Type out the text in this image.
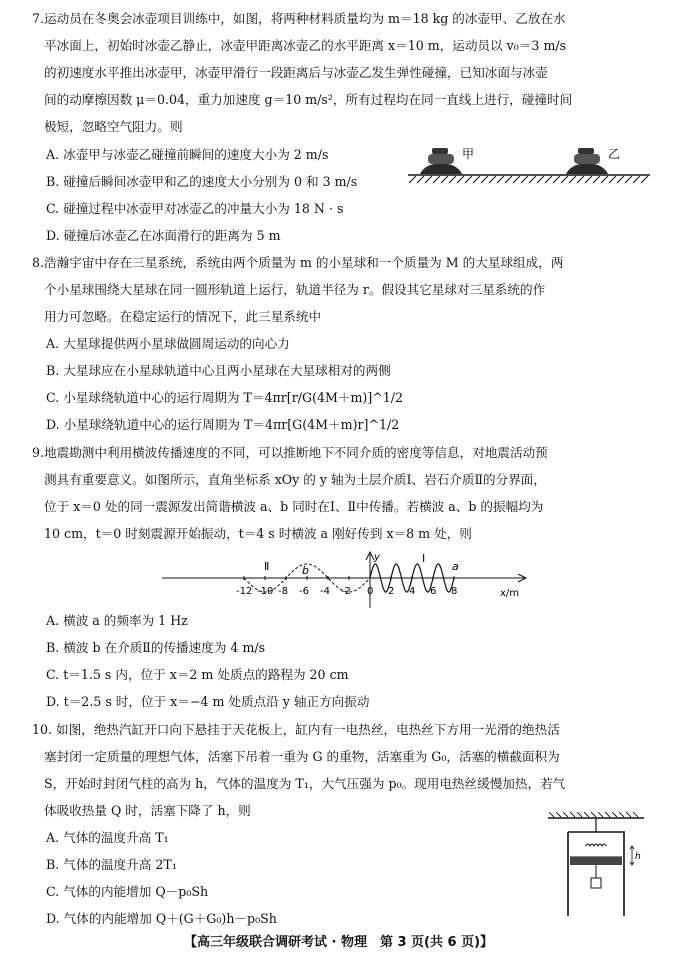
7.运动员在冬奥会冰壶项目训练中，如图，将两种材料质量均为 m＝18 kg 的冰壶甲、乙放在水
平冰面上，初始时冰壶乙静止，冰壶甲距离冰壶乙的水平距离 x＝10 m，运动员以 v₀＝3 m/s
的初速度水平推出冰壶甲，冰壶甲滑行一段距离后与冰壶乙发生弹性碰撞，已知冰面与冰壶
间的动摩擦因数 μ＝0.04，重力加速度 g＝10 m/s²，所有过程均在同一直线上进行，碰撞时间
极短，忽略空气阻力。则
A. 冰壶甲与冰壶乙碰撞前瞬间的速度大小为 2 m/s
B. 碰撞后瞬间冰壶甲和乙的速度大小分别为 0 和 3 m/s
C. 碰撞过程中冰壶甲对冰壶乙的冲量大小为 18 N · s
D. 碰撞后冰壶乙在冰面滑行的距离为 5 m
甲	乙
8.浩瀚宇宙中存在三星系统，系统由两个质量为 m 的小星球和一个质量为 M 的大星球组成，两
个小星球围绕大星球在同一圆形轨道上运行，轨道半径为 r。假设其它星球对三星系统的作
用力可忽略。在稳定运行的情况下，此三星系统中
A. 大星球提供两小星球做圆周运动的向心力
B. 大星球应在小星球轨道中心且两小星球在大星球相对的两侧
C. 小星球绕轨道中心的运行周期为 T＝4πr[r/G(4M＋m)]^1/2
D. 小星球绕轨道中心的运行周期为 T＝4πr[G(4M＋m)r]^1/2
9.地震勘测中利用横波传播速度的不同，可以推断地下不同介质的密度等信息，对地震活动预
测具有重要意义。如图所示，直角坐标系 xOy 的 y 轴为土层介质Ⅰ、岩石介质Ⅱ的分界面，
位于 x＝0 处的同一震源发出简谐横波 a、b 同时在Ⅰ、Ⅱ中传播。若横波 a、b 的振幅均为
10 cm，t＝0 时刻震源开始振动，t＝4 s 时横波 a 刚好传到 x＝8 m 处，则
y
-12 -10 -8 -6 -4 -2 0 2 4 6 8	x/m
Ⅱ
Ⅰ
b	a
A. 横波 a 的频率为 1 Hz
B. 横波 b 在介质Ⅱ的传播速度为 4 m/s
C. t＝1.5 s 内，位于 x＝2 m 处质点的路程为 20 cm
D. t＝2.5 s 时，位于 x＝−4 m 处质点沿 y 轴正方向振动
10. 如图，绝热汽缸开口向下悬挂于天花板上，缸内有一电热丝，电热丝下方用一光滑的绝热活
塞封闭一定质量的理想气体，活塞下吊着一重为 G 的重物，活塞重为 G₀，活塞的横截面积为
S，开始时封闭气柱的高为 h，气体的温度为 T₁，大气压强为 p₀。现用电热丝缓慢加热，若气
体吸收热量 Q 时，活塞下降了 h，则
A. 气体的温度升高 T₁
B. 气体的温度升高 2T₁
C. 气体的内能增加 Q－p₀Sh
D. 气体的内能增加 Q＋(G＋G₀)h－p₀Sh
h
【高三年级联合调研考试 · 物理　第 3 页(共 6 页)】
